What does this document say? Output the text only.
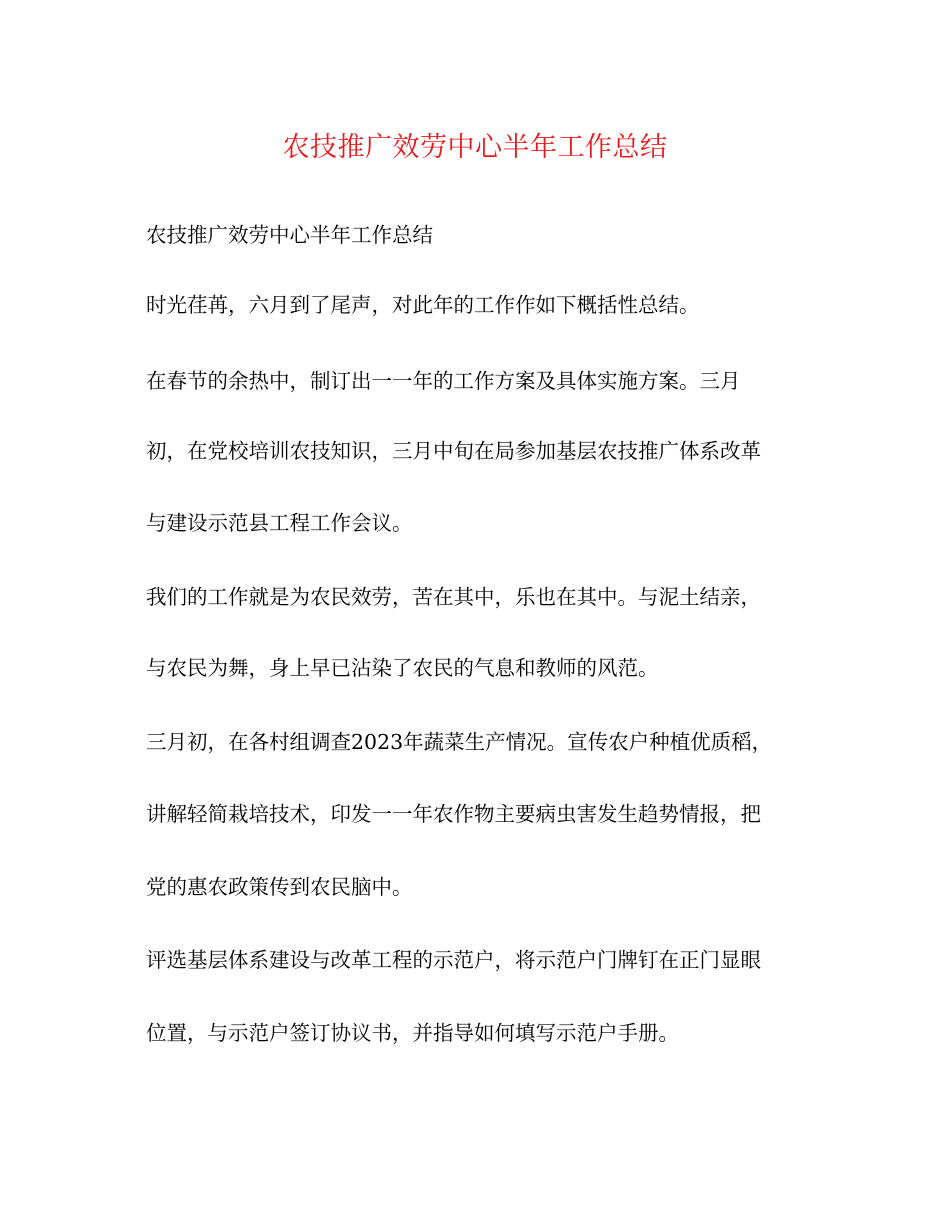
农技推广效劳中心半年工作总结
农技推广效劳中心半年工作总结
时光荏苒，六月到了尾声，对此年的工作作如下概括性总结。
在春节的余热中，制订出一一年的工作方案及具体实施方案。三月
初，在党校培训农技知识，三月中旬在局参加基层农技推广体系改革
与建设示范县工程工作会议。
我们的工作就是为农民效劳，苦在其中，乐也在其中。与泥土结亲，
与农民为舞，身上早已沾染了农民的气息和教师的风范。
三月初，在各村组调查2023年蔬菜生产情况。宣传农户种植优质稻，
讲解轻简栽培技术，印发一一年农作物主要病虫害发生趋势情报，把
党的惠农政策传到农民脑中。
评选基层体系建设与改革工程的示范户，将示范户门牌钉在正门显眼
位置，与示范户签订协议书，并指导如何填写示范户手册。
